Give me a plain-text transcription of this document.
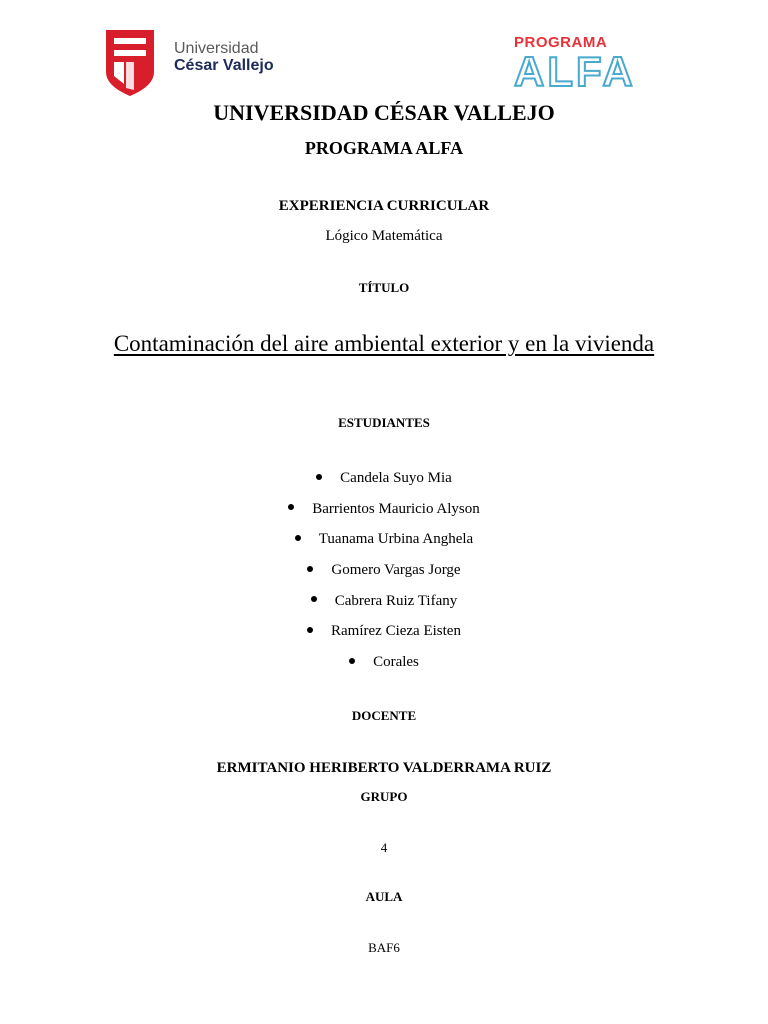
Universidad
César Vallejo
PROGRAMA
ALFA
UNIVERSIDAD CÉSAR VALLEJO
PROGRAMA ALFA
EXPERIENCIA CURRICULAR
Lógico Matemática
TÍTULO
Contaminación del aire ambiental exterior y en la vivienda
ESTUDIANTES
Candela Suyo Mia
Barrientos Mauricio Alyson
Tuanama Urbina Anghela
Gomero Vargas Jorge
Cabrera Ruiz Tifany
Ramírez Cieza Eisten
Corales
DOCENTE
ERMITANIO HERIBERTO VALDERRAMA RUIZ
GRUPO
4
AULA
BAF6
